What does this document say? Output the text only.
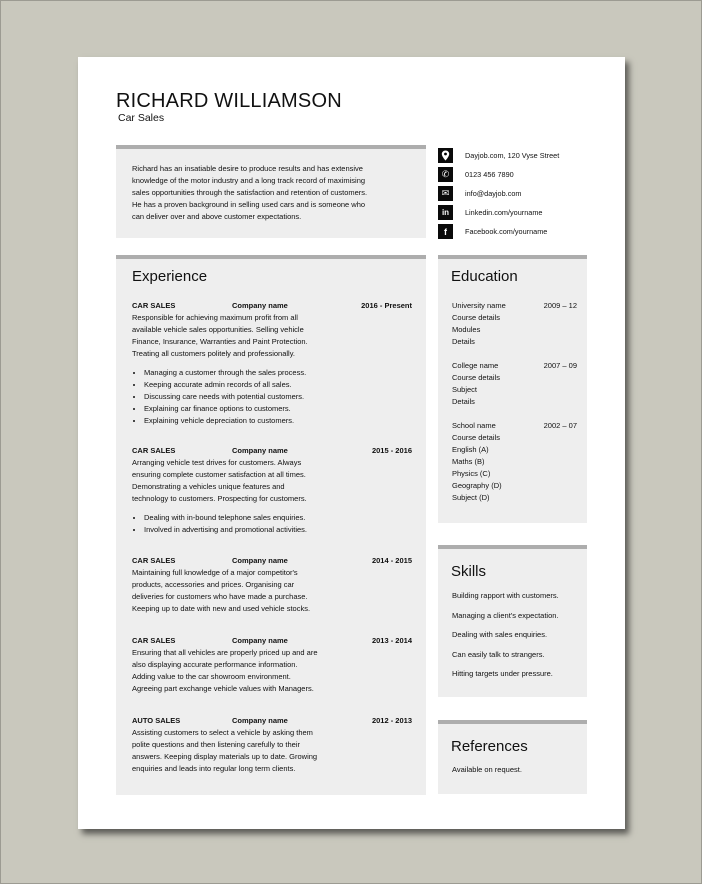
RICHARD WILLIAMSON
Car Sales
Richard has an insatiable desire to produce results and has extensive
knowledge of the motor industry and a long track record of maximising
sales opportunities through the satisfaction and retention of customers.
He has a proven background in selling used cars and is someone who
can deliver over and above customer expectations.
Dayjob.com, 120 Vyse Street
✆	0123 456 7890
✉	info@dayjob.com
in	Linkedin.com/yourname
f	Facebook.com/yourname
Experience
CAR SALES	Company name	2016 - Present
Responsible for achieving maximum profit from all
available vehicle sales opportunities. Selling vehicle
Finance, Insurance, Warranties and Paint Protection.
Treating all customers politely and professionally.
• Managing a customer through the sales process.
• Keeping accurate admin records of all sales.
• Discussing care needs with potential customers.
• Explaining car finance options to customers.
• Explaining vehicle depreciation to customers.
CAR SALES	Company name	2015 - 2016
Arranging vehicle test drives for customers. Always
ensuring complete customer satisfaction at all times.
Demonstrating a vehicles unique features and
technology to customers. Prospecting for customers.
• Dealing with in-bound telephone sales enquiries.
• Involved in advertising and promotional activities.
CAR SALES	Company name	2014 - 2015
Maintaining full knowledge of a major competitor's
products, accessories and prices. Organising car
deliveries for customers who have made a purchase.
Keeping up to date with new and used vehicle stocks.
CAR SALES	Company name	2013 - 2014
Ensuring that all vehicles are properly priced up and are
also displaying accurate performance information.
Adding value to the car showroom environment.
Agreeing part exchange vehicle values with Managers.
AUTO SALES	Company name	2012 - 2013
Assisting customers to select a vehicle by asking them
polite questions and then listening carefully to their
answers. Keeping display materials up to date. Growing
enquiries and leads into regular long term clients.
Education
University name	2009 – 12
Course details
Modules
Details
College name	2007 – 09
Course details
Subject
Details
School name	2002 – 07
Course details
English (A)
Maths (B)
Physics (C)
Geography (D)
Subject (D)
Skills
Building rapport with customers.
Managing a client's expectation.
Dealing with sales enquiries.
Can easily talk to strangers.
Hitting targets under pressure.
References
Available on request.
